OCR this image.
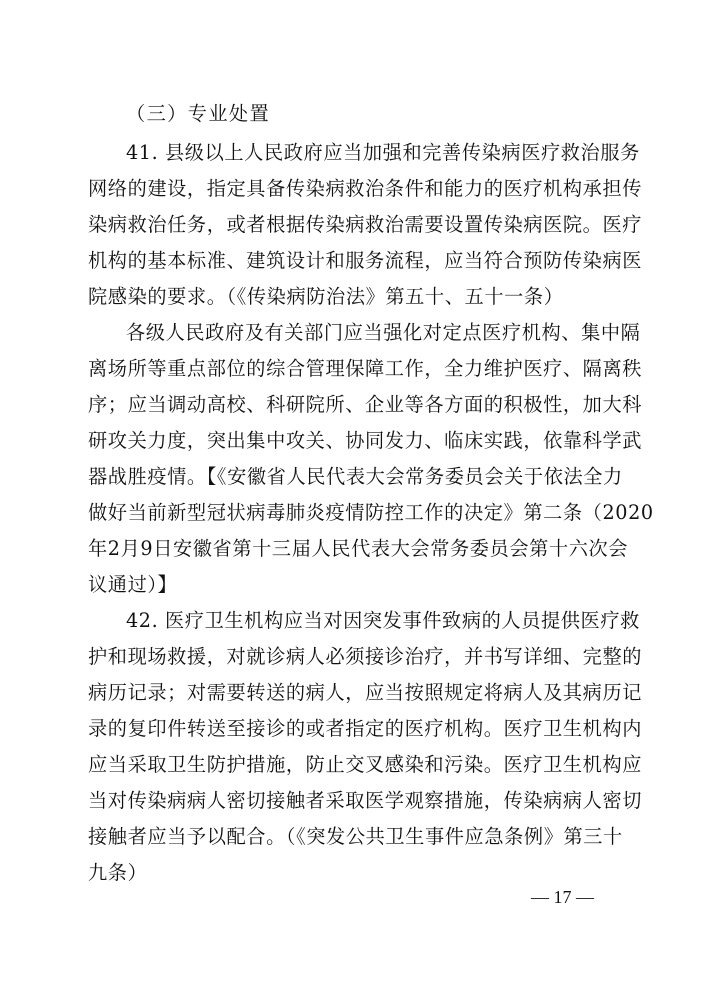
（三）专业处置
41. 县级以上人民政府应当加强和完善传染病医疗救治服务
网络的建设，指定具备传染病救治条件和能力的医疗机构承担传
染病救治任务，或者根据传染病救治需要设置传染病医院。医疗
机构的基本标准、建筑设计和服务流程，应当符合预防传染病医
院感染的要求。（《传染病防治法》第五十、五十一条）
各级人民政府及有关部门应当强化对定点医疗机构、集中隔
离场所等重点部位的综合管理保障工作，全力维护医疗、隔离秩
序；应当调动高校、科研院所、企业等各方面的积极性，加大科
研攻关力度，突出集中攻关、协同发力、临床实践，依靠科学武
器战胜疫情。【《安徽省人民代表大会常务委员会关于依法全力
做好当前新型冠状病毒肺炎疫情防控工作的决定》第二条（2020
年2月9日安徽省第十三届人民代表大会常务委员会第十六次会
议通过）】
42. 医疗卫生机构应当对因突发事件致病的人员提供医疗救
护和现场救援，对就诊病人必须接诊治疗，并书写详细、完整的
病历记录；对需要转送的病人，应当按照规定将病人及其病历记
录的复印件转送至接诊的或者指定的医疗机构。医疗卫生机构内
应当采取卫生防护措施，防止交叉感染和污染。医疗卫生机构应
当对传染病病人密切接触者采取医学观察措施，传染病病人密切
接触者应当予以配合。（《突发公共卫生事件应急条例》第三十
九条）
— 17 —
